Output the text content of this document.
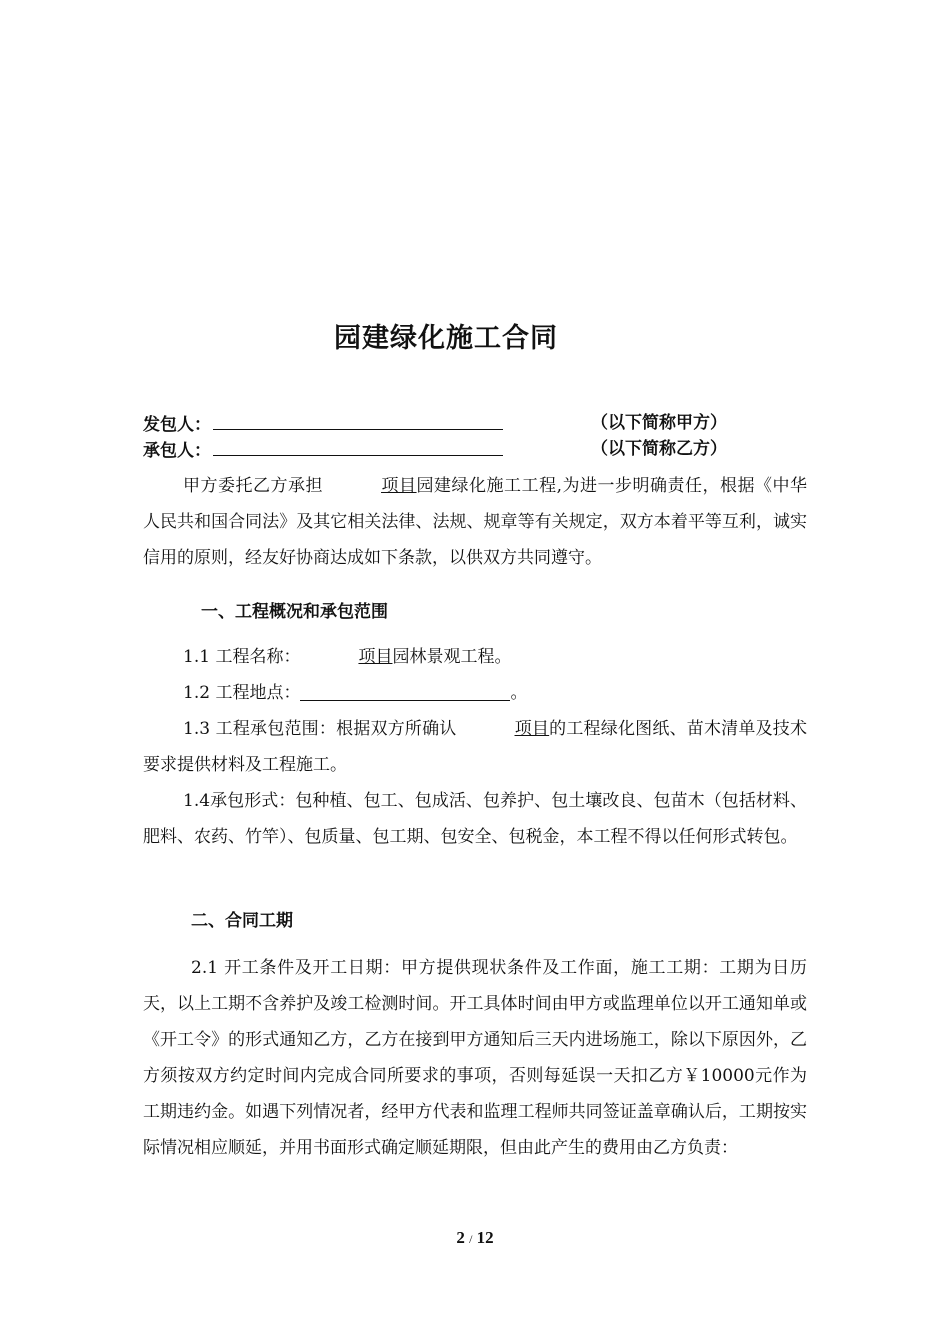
园建绿化施工合同
发包人：	（以下简称甲方）
承包人：	（以下简称乙方）
甲方委托乙方承担	项目园建绿化施工工程,为进一步明确责任，根据《中华人民共和国合同法》及其它相关法律、法规、规章等有关规定，双方本着平等互利，诚实信用的原则，经友好协商达成如下条款，以供双方共同遵守。
一、工程概况和承包范围
1.1 工程名称：	项目园林景观工程。
1.2 工程地点：	。
1.3 工程承包范围：根据双方所确认	项目的工程绿化图纸、苗木清单及技术要求提供材料及工程施工。
1.4承包形式：包种植、包工、包成活、包养护、包土壤改良、包苗木（包括材料、肥料、农药、竹竿）、包质量、包工期、包安全、包税金，本工程不得以任何形式转包。
二、合同工期
2.1 开工条件及开工日期：甲方提供现状条件及工作面，施工工期：工期为日历天，以上工期不含养护及竣工检测时间。开工具体时间由甲方或监理单位以开工通知单或《开工令》的形式通知乙方，乙方在接到甲方通知后三天内进场施工，除以下原因外，乙方须按双方约定时间内完成合同所要求的事项，否则每延误一天扣乙方￥10000元作为工期违约金。如遇下列情况者，经甲方代表和监理工程师共同签证盖章确认后，工期按实际情况相应顺延，并用书面形式确定顺延期限，但由此产生的费用由乙方负责：
2 / 12
